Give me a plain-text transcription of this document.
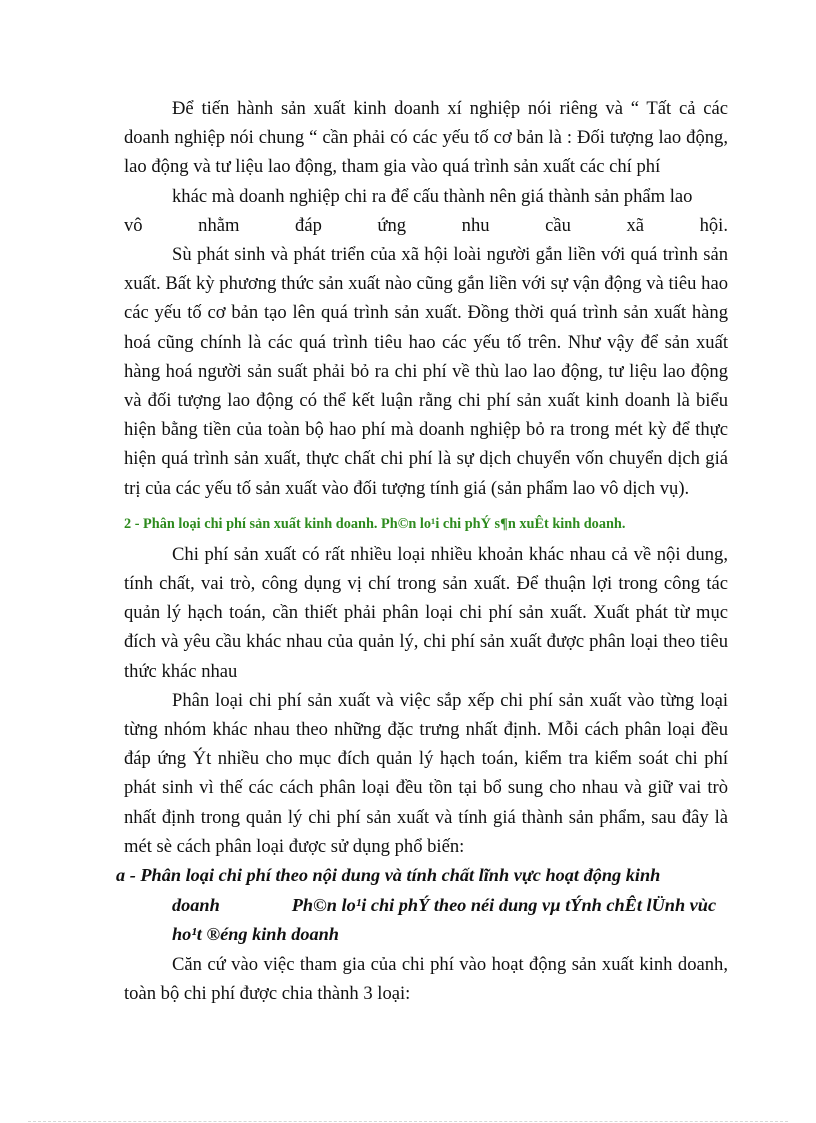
Để tiến hành sản xuất kinh doanh xí nghiệp nói riêng và “ Tất cả các doanh nghiệp nói chung “ cần phải có các yếu tố cơ bản là : Đối tượng lao động, lao động và tư liệu lao động, tham gia vào quá trình sản xuất các chí phí

khác mà doanh nghiệp chi ra để cấu thành nên giá thành sản phẩm lao

vô nhằm đáp ứng nhu cầu xã hội.

Sù phát sinh và phát triển của xã hội loài người gắn liền với quá trình sản xuất. Bất kỳ phương thức sản xuất nào cũng gắn liền với sự vận động và tiêu hao các yếu tố cơ bản tạo lên quá trình sản xuất. Đồng thời quá trình sản xuất hàng hoá cũng chính là các quá trình tiêu hao các yếu tố trên. Như vậy để sản xuất hàng hoá người sản suất phải bỏ ra chi phí về thù lao lao động, tư liệu lao động và đối tượng lao động có thể kết luận rằng chi phí sản xuất kinh doanh là biểu hiện bằng tiền của toàn bộ hao phí mà doanh nghiệp bỏ ra trong mét kỳ để thực hiện quá trình sản xuất, thực chất chi phí là sự dịch chuyển vốn chuyển dịch giá trị của các yếu tố sản xuất vào đối tượng tính giá (sản phẩm lao vô dịch vụ).

2 - Phân loại chi phí sản xuất kinh doanh. Ph©n lo¹i chi phÝ s¶n xuÊt kinh doanh.

Chi phí sản xuất có rất nhiều loại nhiều khoản khác nhau cả về nội dung, tính chất, vai trò, công dụng vị chí trong sản xuất. Để thuận lợi trong công tác quản lý hạch toán, cần thiết phải phân loại chi phí sản xuất. Xuất phát từ mục đích và yêu cầu khác nhau của quản lý, chi phí sản xuất được phân loại theo tiêu thức khác nhau

Phân loại chi phí sản xuất và việc sắp xếp chi phí sản xuất vào từng loại từng nhóm khác nhau theo những đặc trưng nhất định. Mỗi cách phân loại đều đáp ứng Ýt nhiều cho mục đích quản lý hạch toán, kiểm tra kiểm soát chi phí phát sinh vì thế các cách phân loại đều tồn tại bổ sung cho nhau và giữ vai trò nhất định trong quản lý chi phí sản xuất và tính giá thành sản phẩm, sau đây là mét sè cách phân loại được sử dụng phổ biến:

a - Phân loại chi phí theo nội dung và tính chất lĩnh vực hoạt động kinh
doanh	Ph©n lo¹i chi phÝ theo néi dung vµ tÝnh chÊt lÜnh vùc
ho¹t ®éng kinh doanh

Căn cứ vào việc tham gia của chi phí vào hoạt động sản xuất kinh doanh, toàn bộ chi phí được chia thành 3 loại:
